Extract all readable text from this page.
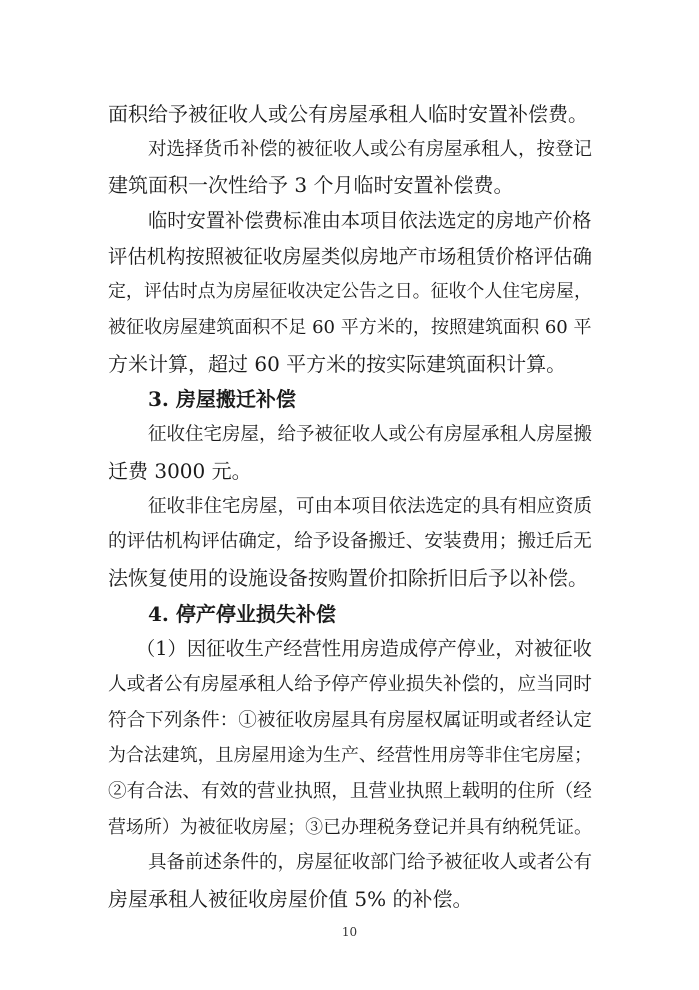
面积给予被征收人或公有房屋承租人临时安置补偿费。
对选择货币补偿的被征收人或公有房屋承租人，按登记
建筑面积一次性给予 3 个月临时安置补偿费。
临时安置补偿费标准由本项目依法选定的房地产价格
评估机构按照被征收房屋类似房地产市场租赁价格评估确
定，评估时点为房屋征收决定公告之日。征收个人住宅房屋，
被征收房屋建筑面积不足 60 平方米的，按照建筑面积 60 平
方米计算，超过 60 平方米的按实际建筑面积计算。
3. 房屋搬迁补偿
征收住宅房屋，给予被征收人或公有房屋承租人房屋搬
迁费 3000 元。
征收非住宅房屋，可由本项目依法选定的具有相应资质
的评估机构评估确定，给予设备搬迁、安装费用；搬迁后无
法恢复使用的设施设备按购置价扣除折旧后予以补偿。
4. 停产停业损失补偿
（1）因征收生产经营性用房造成停产停业，对被征收
人或者公有房屋承租人给予停产停业损失补偿的，应当同时
符合下列条件：①被征收房屋具有房屋权属证明或者经认定
为合法建筑，且房屋用途为生产、经营性用房等非住宅房屋；
②有合法、有效的营业执照，且营业执照上载明的住所（经
营场所）为被征收房屋；③已办理税务登记并具有纳税凭证。
具备前述条件的，房屋征收部门给予被征收人或者公有
房屋承租人被征收房屋价值 5% 的补偿。
10
